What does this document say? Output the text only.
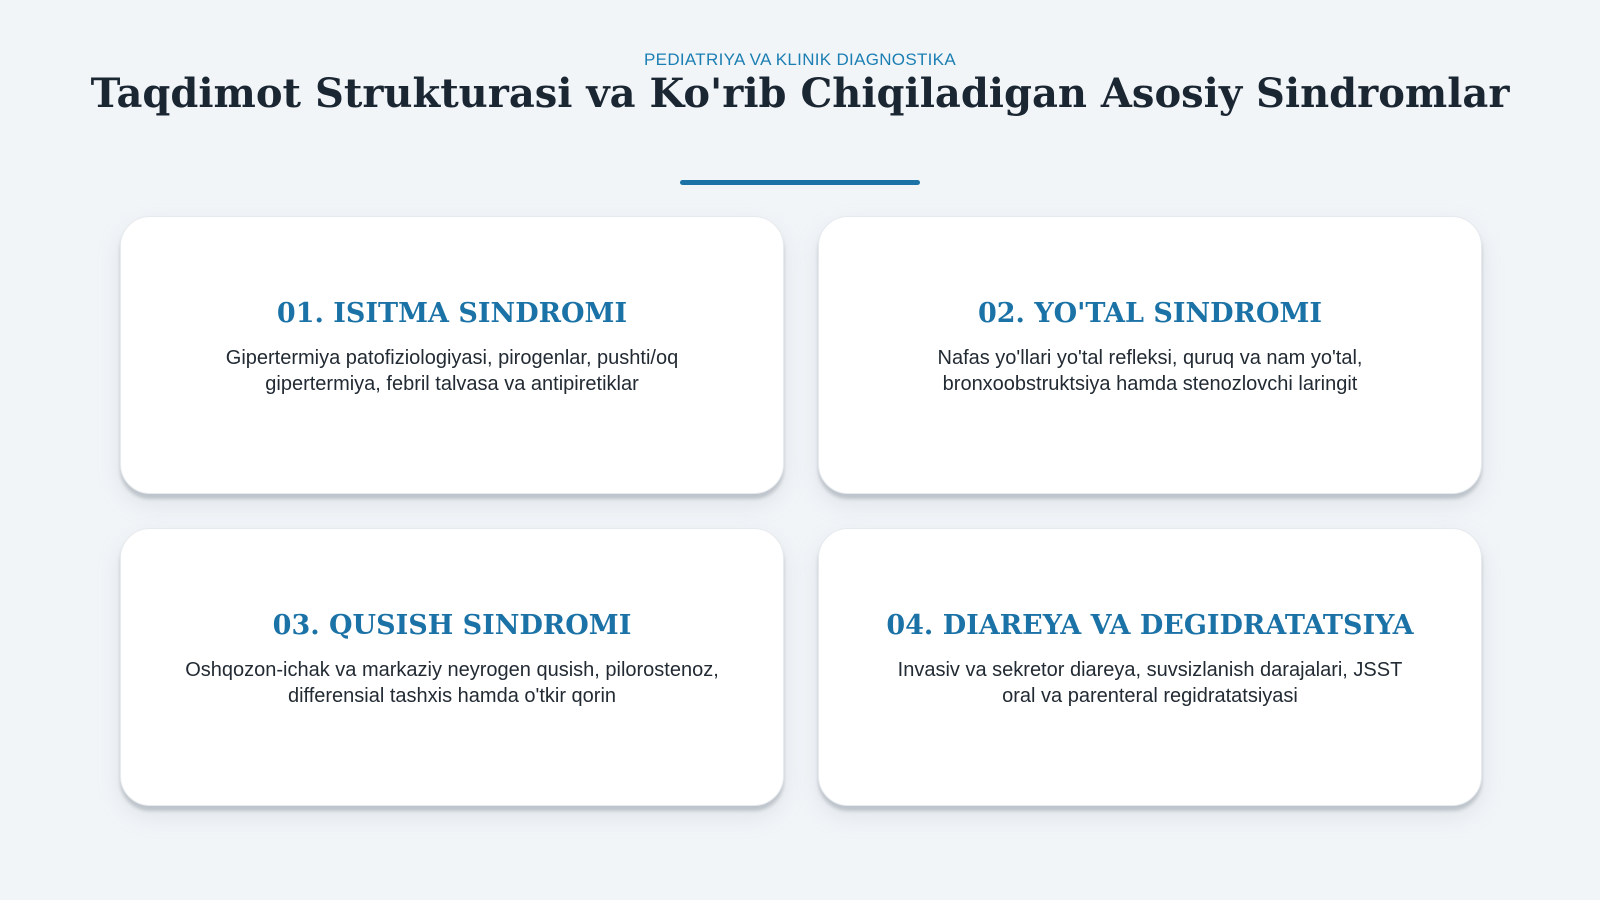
PEDIATRIYA VA KLINIK DIAGNOSTIKA
Taqdimot Strukturasi va Ko'rib Chiqiladigan Asosiy Sindromlar
01. ISITMA SINDROMI
Gipertermiya patofiziologiyasi, pirogenlar, pushti/oq
gipertermiya, febril talvasa va antipiretiklar
02. YO'TAL SINDROMI
Nafas yo'llari yo'tal refleksi, quruq va nam yo'tal,
bronxoobstruktsiya hamda stenozlovchi laringit
03. QUSISH SINDROMI
Oshqozon-ichak va markaziy neyrogen qusish, pilorostenoz,
differensial tashxis hamda o'tkir qorin
04. DIAREYA VA DEGIDRATATSIYA
Invasiv va sekretor diareya, suvsizlanish darajalari, JSST
oral va parenteral regidratatsiyasi
